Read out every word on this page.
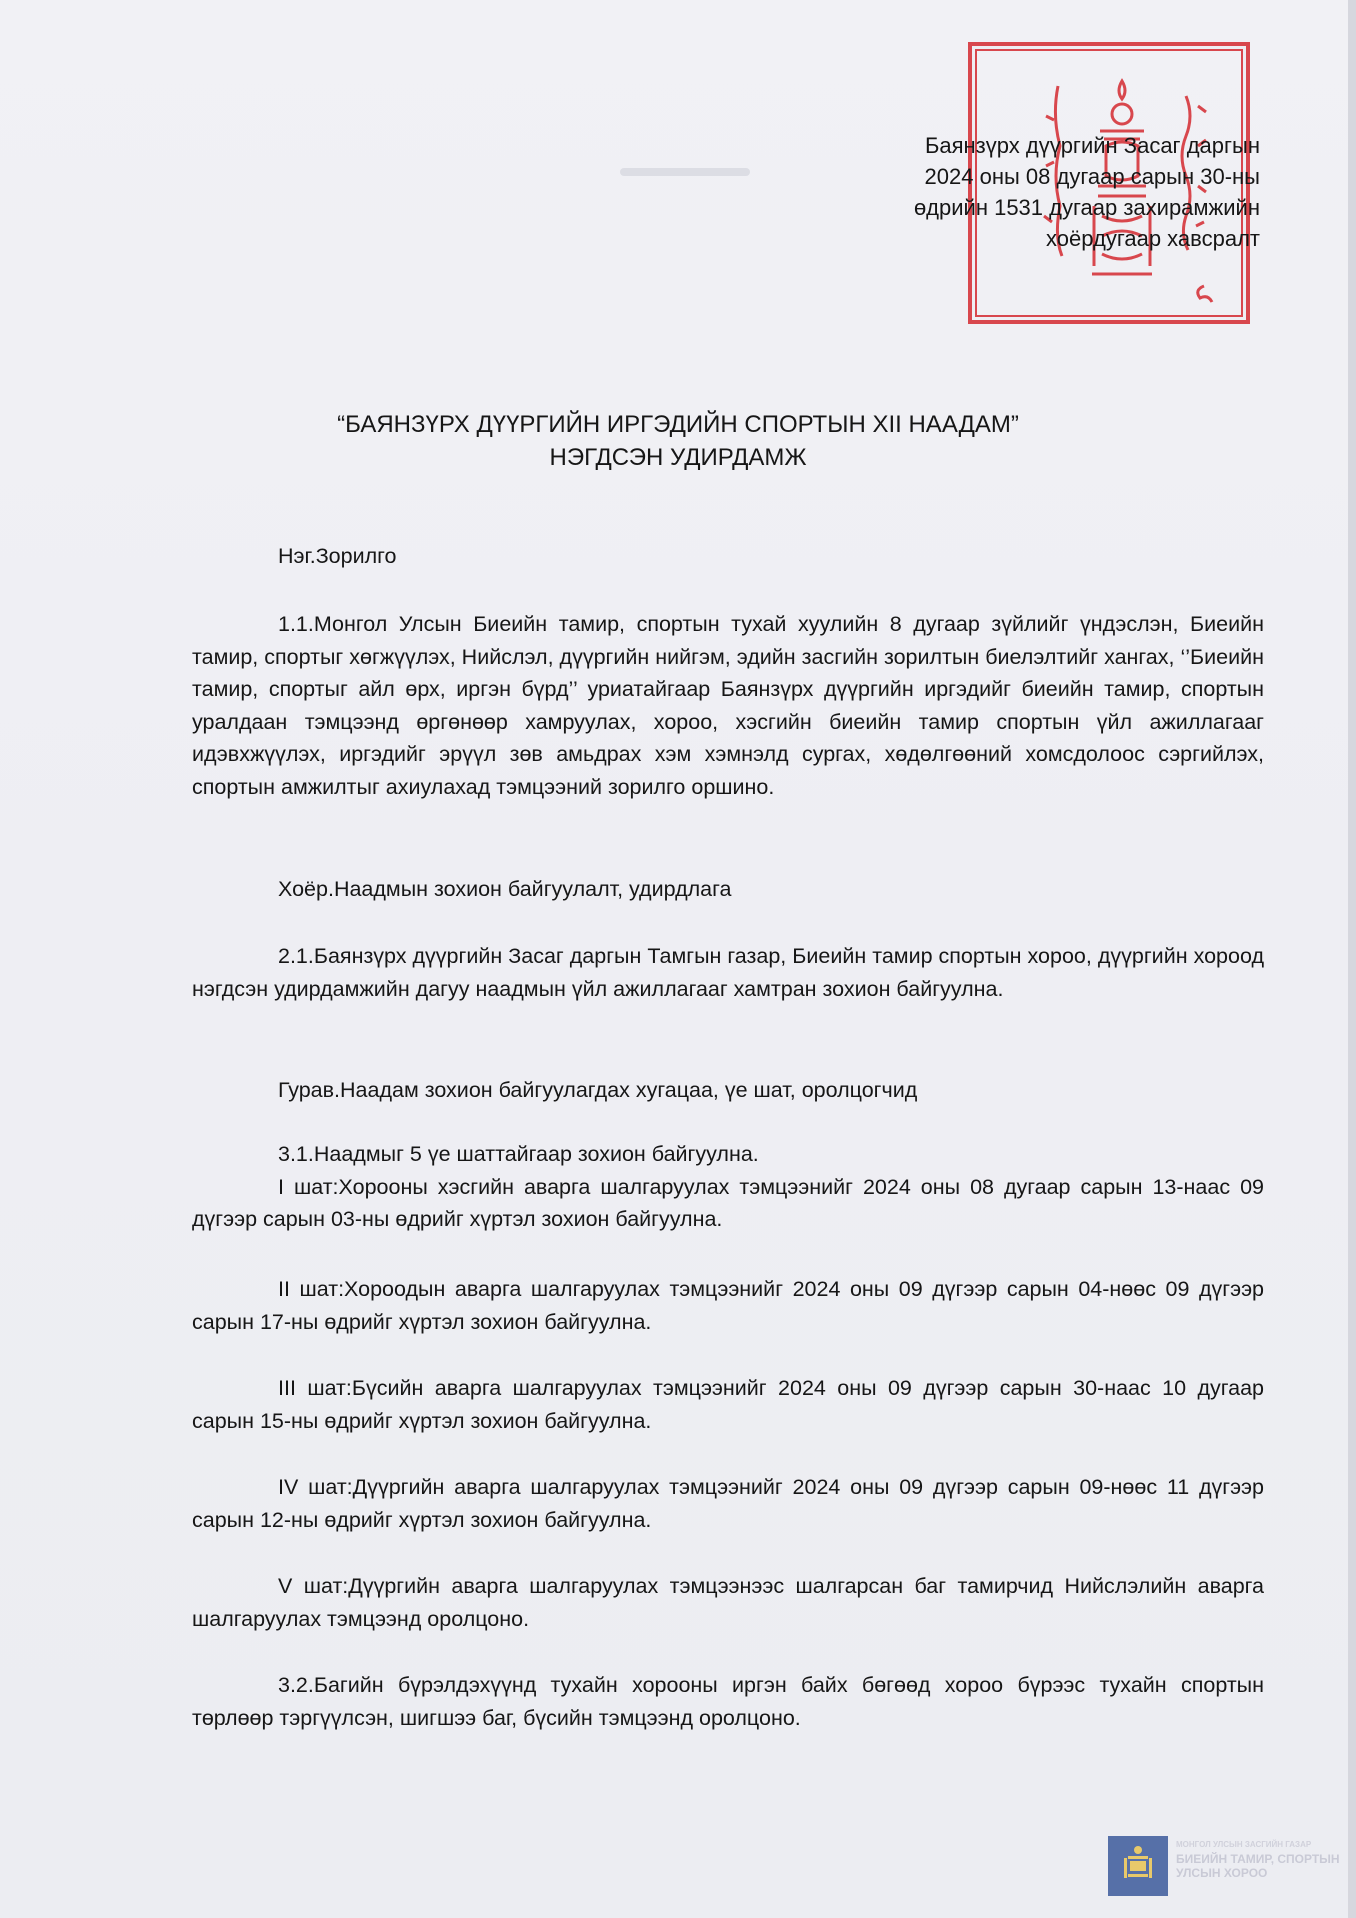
Баянзүрх дүүргийн Засаг даргын
2024 оны 08 дугаар сарын 30-ны
өдрийн 1531 дугаар захирамжийн
хоёрдугаар хавсралт
“БАЯНЗҮРХ ДҮҮРГИЙН ИРГЭДИЙН СПОРТЫН XII НААДАМ”
НЭГДСЭН УДИРДАМЖ
Нэг.Зорилго

1.1.Монгол Улсын Биеийн тамир, спортын тухай хуулийн 8 дугаар зүйлийг үндэслэн, Биеийн тамир, спортыг хөгжүүлэх, Нийслэл, дүүргийн нийгэм, эдийн засгийн зорилтын биелэлтийг хангах, ‘’Биеийн тамир, спортыг айл өрх, иргэн бүрд’’ уриатайгаар Баянзүрх дүүргийн иргэдийг биеийн тамир, спортын уралдаан тэмцээнд өргөнөөр хамруулах, хороо, хэсгийн биеийн тамир спортын үйл ажиллагааг идэвхжүүлэх, иргэдийг эрүүл зөв амьдрах хэм хэмнэлд сургах, хөдөлгөөний хомсдолоос сэргийлэх, спортын амжилтыг ахиулахад тэмцээний зорилго оршино.

Хоёр.Наадмын зохион байгуулалт, удирдлага

2.1.Баянзүрх дүүргийн Засаг даргын Тамгын газар, Биеийн тамир спортын хороо, дүүргийн хороод нэгдсэн удирдамжийн дагуу наадмын үйл ажиллагааг хамтран зохион байгуулна.

Гурав.Наадам зохион байгуулагдах хугацаа, үе шат, оролцогчид

3.1.Наадмыг 5 үе шаттайгаар зохион байгуулна.

I шат:Хорооны хэсгийн аварга шалгаруулах тэмцээнийг 2024 оны 08 дугаар сарын 13-наас 09 дүгээр сарын 03-ны өдрийг хүртэл зохион байгуулна.

II шат:Хороодын аварга шалгаруулах тэмцээнийг 2024 оны 09 дүгээр сарын 04-нөөс 09 дүгээр сарын 17-ны өдрийг хүртэл зохион байгуулна.

III шат:Бүсийн аварга шалгаруулах тэмцээнийг 2024 оны 09 дүгээр сарын 30-наас 10 дугаар сарын 15-ны өдрийг хүртэл зохион байгуулна.

IV шат:Дүүргийн аварга шалгаруулах тэмцээнийг 2024 оны 09 дүгээр сарын 09-нөөс 11 дүгээр сарын 12-ны өдрийг хүртэл зохион байгуулна.

V шат:Дүүргийн аварга шалгаруулах тэмцээнээс шалгарсан баг тамирчид Нийслэлийн аварга шалгаруулах тэмцээнд оролцоно.

3.2.Багийн бүрэлдэхүүнд тухайн хорооны иргэн байх бөгөөд хороо бүрээс тухайн спортын төрлөөр тэргүүлсэн, шигшээ баг, бүсийн тэмцээнд оролцоно.

МОНГОЛ УЛСЫН ЗАСГИЙН ГАЗАР
БИЕИЙН ТАМИР, СПОРТЫН
УЛСЫН ХОРОО
